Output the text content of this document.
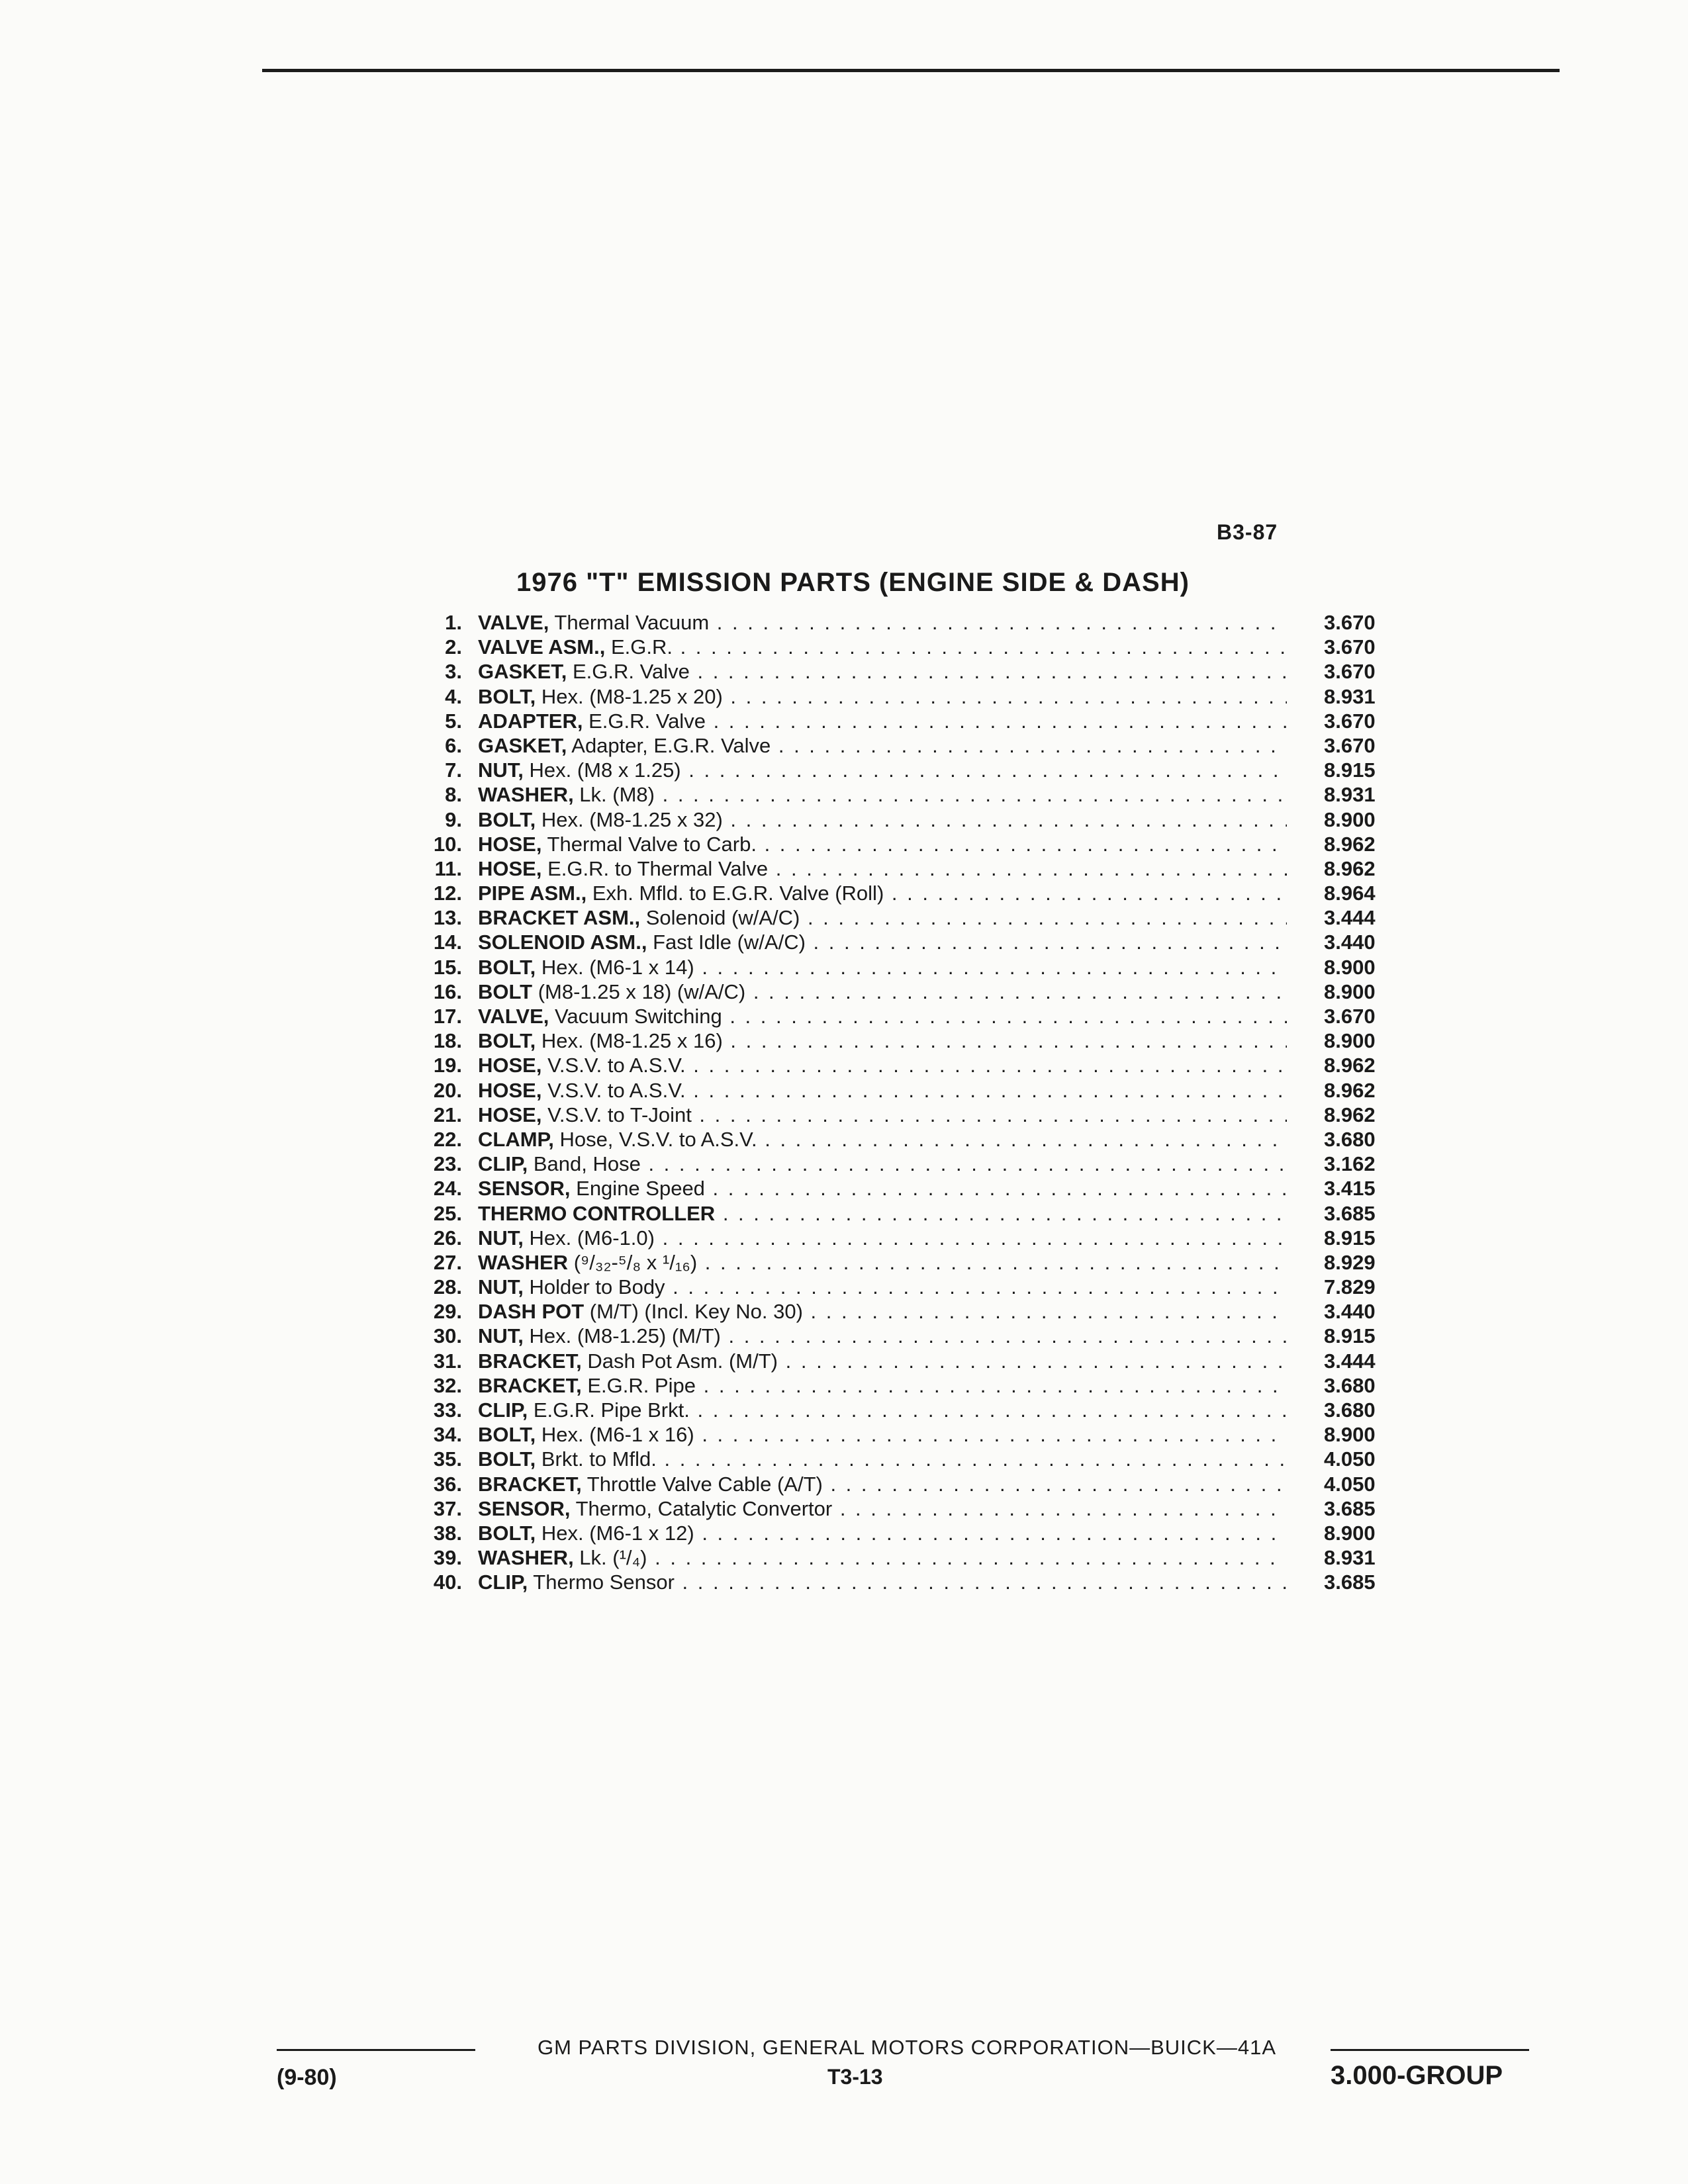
B3-87
1976 "T" EMISSION PARTS (ENGINE SIDE & DASH)
1. VALVE, Thermal Vacuum . . .	3.670
2. VALVE ASM., E.G.R. . . .	3.670
3. GASKET, E.G.R. Valve . . .	3.670
4. BOLT, Hex. (M8-1.25 x 20) . . .	8.931
5. ADAPTER, E.G.R. Valve . . .	3.670
6. GASKET, Adapter, E.G.R. Valve . . .	3.670
7. NUT, Hex. (M8 x 1.25) . . .	8.915
8. WASHER, Lk. (M8) . . .	8.931
9. BOLT, Hex. (M8-1.25 x 32) . . .	8.900
10. HOSE, Thermal Valve to Carb. . . .	8.962
11. HOSE, E.G.R. to Thermal Valve . . .	8.962
12. PIPE ASM., Exh. Mfld. to E.G.R. Valve (Roll) . . .	8.964
13. BRACKET ASM., Solenoid (w/A/C) . . .	3.444
14. SOLENOID ASM., Fast Idle (w/A/C) . . .	3.440
15. BOLT, Hex. (M6-1 x 14) . . .	8.900
16. BOLT (M8-1.25 x 18) (w/A/C) . . .	8.900
17. VALVE, Vacuum Switching . . .	3.670
18. BOLT, Hex. (M8-1.25 x 16) . . .	8.900
19. HOSE, V.S.V. to A.S.V. . . .	8.962
20. HOSE, V.S.V. to A.S.V. . . .	8.962
21. HOSE, V.S.V. to T-Joint . . .	8.962
22. CLAMP, Hose, V.S.V. to A.S.V. . . .	3.680
23. CLIP, Band, Hose . . .	3.162
24. SENSOR, Engine Speed . . .	3.415
25. THERMO CONTROLLER . . .	3.685
26. NUT, Hex. (M6-1.0) . . .	8.915
27. WASHER (⁹/₃₂-⁵/₈ x ¹/₁₆) . . .	8.929
28. NUT, Holder to Body . . .	7.829
29. DASH POT (M/T) (Incl. Key No. 30) . . .	3.440
30. NUT, Hex. (M8-1.25) (M/T) . . .	8.915
31. BRACKET, Dash Pot Asm. (M/T) . . .	3.444
32. BRACKET, E.G.R. Pipe . . .	3.680
33. CLIP, E.G.R. Pipe Brkt. . . .	3.680
34. BOLT, Hex. (M6-1 x 16) . . .	8.900
35. BOLT, Brkt. to Mfld. . . .	4.050
36. BRACKET, Throttle Valve Cable (A/T) . . .	4.050
37. SENSOR, Thermo, Catalytic Convertor . . .	3.685
38. BOLT, Hex. (M6-1 x 12) . . .	8.900
39. WASHER, Lk. (¹/₄) . . .	8.931
40. CLIP, Thermo Sensor . . .	3.685
GM PARTS DIVISION, GENERAL MOTORS CORPORATION—BUICK—41A
(9-80)	T3-13	3.000-GROUP
